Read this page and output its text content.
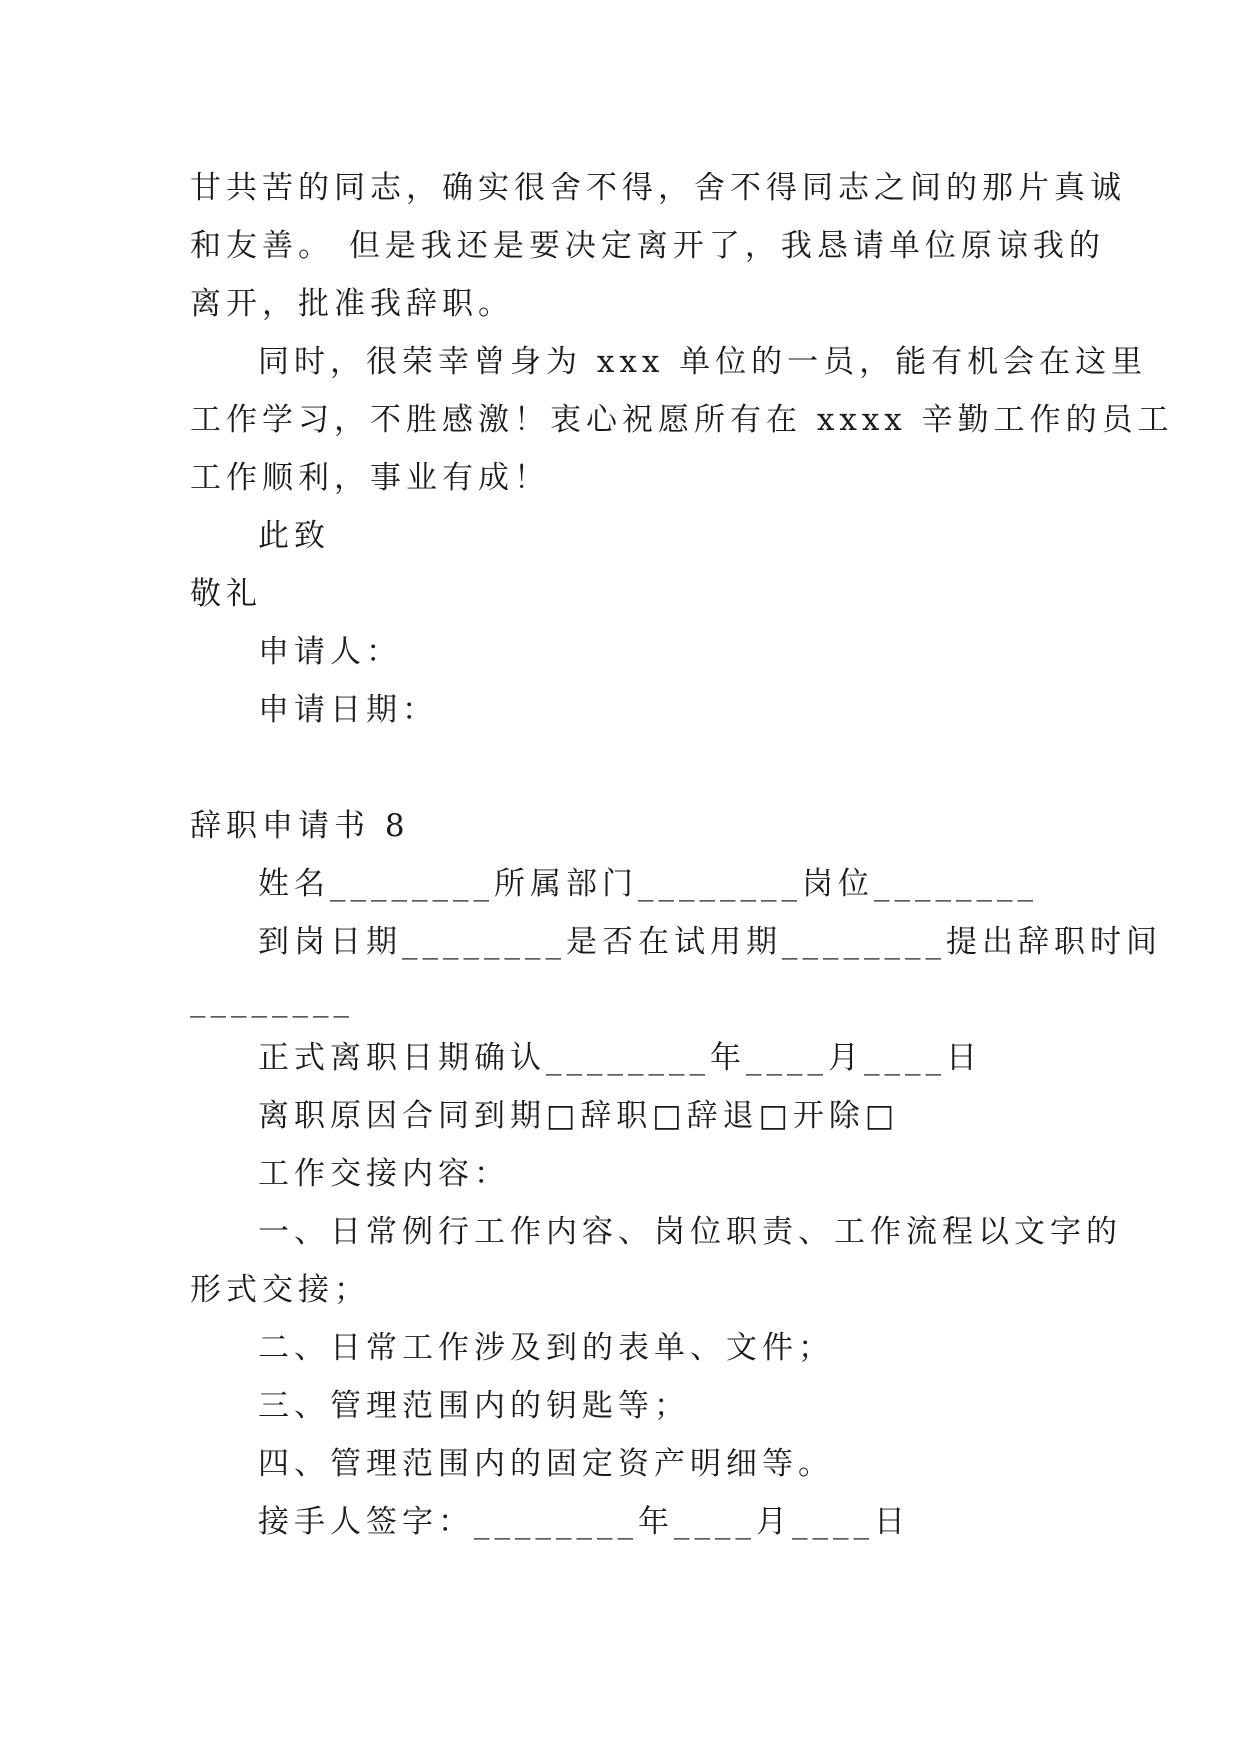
甘共苦的同志，确实很舍不得，舍不得同志之间的那片真诚
和友善。 但是我还是要决定离开了，我恳请单位原谅我的
离开，批准我辞职。
同时，很荣幸曾身为 xxx 单位的一员，能有机会在这里
工作学习，不胜感激！衷心祝愿所有在 xxxx 辛勤工作的员工
工作顺利，事业有成！
此致
敬礼
申请人：
申请日期：
辞职申请书 8
姓名________所属部门________岗位________
到岗日期________是否在试用期________提出辞职时间
________
正式离职日期确认________年____月____日
离职原因合同到期□辞职□辞退□开除□
工作交接内容：
一、日常例行工作内容、岗位职责、工作流程以文字的
形式交接；
二、日常工作涉及到的表单、文件；
三、管理范围内的钥匙等；
四、管理范围内的固定资产明细等。
接手人签字：________年____月____日
